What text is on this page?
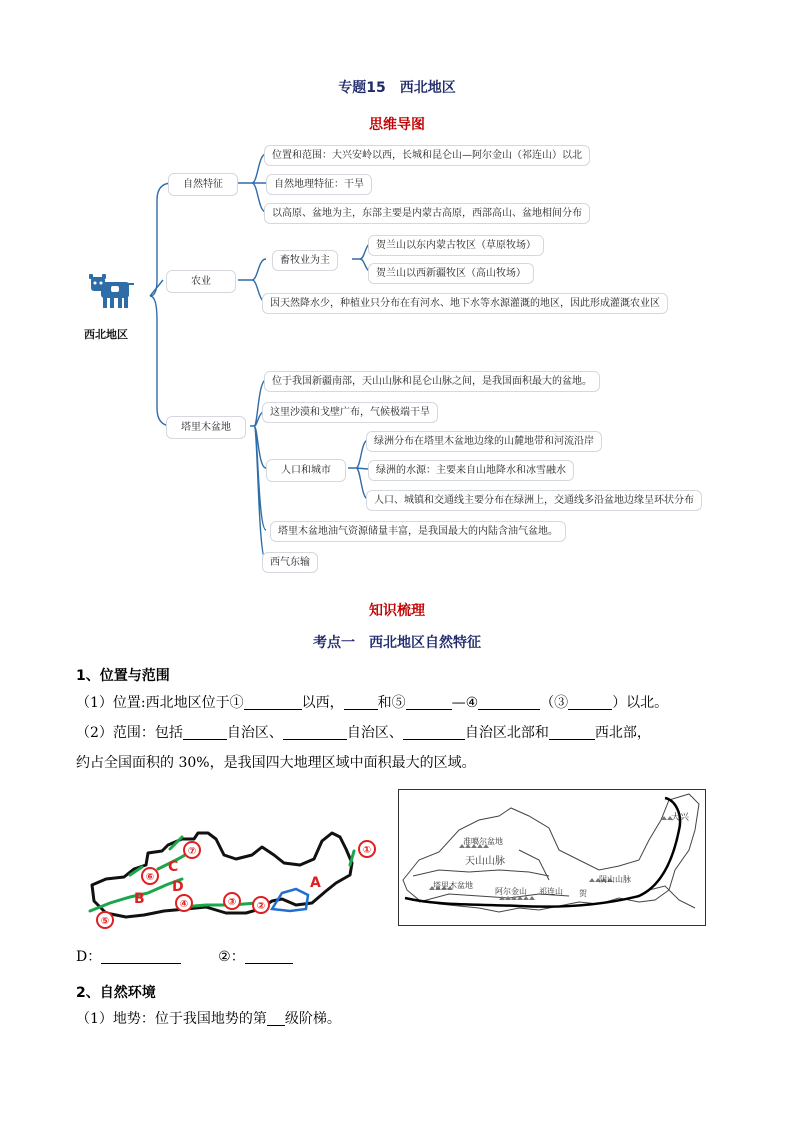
专题15　西北地区
思维导图
西北地区
自然特征
农业
塔里木盆地
位置和范围：大兴安岭以西，长城和昆仑山—阿尔金山（祁连山）以北
自然地理特征：干旱
以高原、盆地为主，东部主要是内蒙古高原，西部高山、盆地相间分布
畜牧业为主
贺兰山以东内蒙古牧区（草原牧场）
贺兰山以西新疆牧区（高山牧场）
因天然降水少，种植业只分布在有河水、地下水等水源灌溉的地区，因此形成灌溉农业区
位于我国新疆南部，天山山脉和昆仑山脉之间，是我国面积最大的盆地。
这里沙漠和戈壁广布，气候极端干旱
人口和城市
绿洲分布在塔里木盆地边缘的山麓地带和河流沿岸
绿洲的水源：主要来自山地降水和冰雪融水
人口、城镇和交通线主要分布在绿洲上，交通线多沿盆地边缘呈环状分布
塔里木盆地油气资源储量丰富，是我国最大的内陆含油气盆地。
西气东输
知识梳理
考点一　西北地区自然特征
1、位置与范围
（1）位置:西北地区位于①	以西， 和⑤	—④	（③	）以北。
（2）范围：包括	自治区、	自治区、	自治区北部和	西北部，
约占全国面积的 30%，是我国四大地理区域中面积最大的区域。
⑤
⑥
⑦
④	③ ②
①
A
B
C
D
准噶尔盆地
天山山脉
塔里木盆地
阿尔金山 祁连山
阴山山脉
大兴
贺
D：	②：
2、自然环境
（1）地势：位于我国地势的第 级阶梯。
